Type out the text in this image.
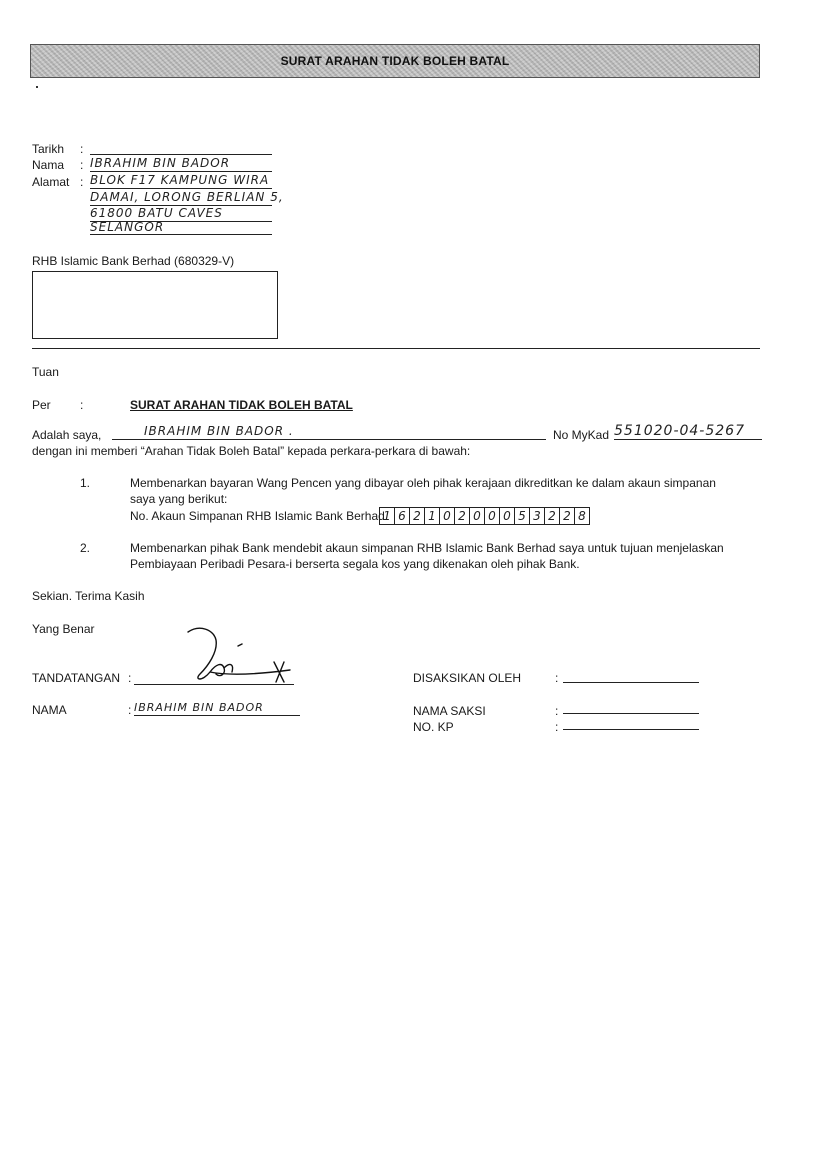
SURAT ARAHAN TIDAK BOLEH BATAL
Tarikh :
Nama : IBRAHIM BIN BADOR
Alamat : BLOK F17 KAMPUNG WIRA
DAMAI, LORONG BERLIAN 5,
61800 BATU CAVES
SELANGOR
RHB Islamic Bank Berhad (680329-V)
Tuan
Per :	SURAT ARAHAN TIDAK BOLEH BATAL
Adalah saya,	IBRAHIM BIN BADOR .	No MyKad 551020-04-5267
dengan ini memberi “Arahan Tidak Boleh Batal” kepada perkara-perkara di bawah:
1.	Membenarkan bayaran Wang Pencen yang dibayar oleh pihak kerajaan dikreditkan ke dalam akaun simpanan
saya yang berikut:
No. Akaun Simpanan RHB Islamic Bank Berhad
1 6 2 1 0 2 0 0 0 5 3 2 2 8
2.	Membenarkan pihak Bank mendebit akaun simpanan RHB Islamic Bank Berhad saya untuk tujuan menjelaskan
Pembiayaan Peribadi Pesara-i berserta segala kos yang dikenakan oleh pihak Bank.
Sekian. Terima Kasih
Yang Benar
TANDATANGAN :
NAMA	: IBRAHIM BIN BADOR
DISAKSIKAN OLEH	:
NAMA SAKSI	:
NO. KP	:
